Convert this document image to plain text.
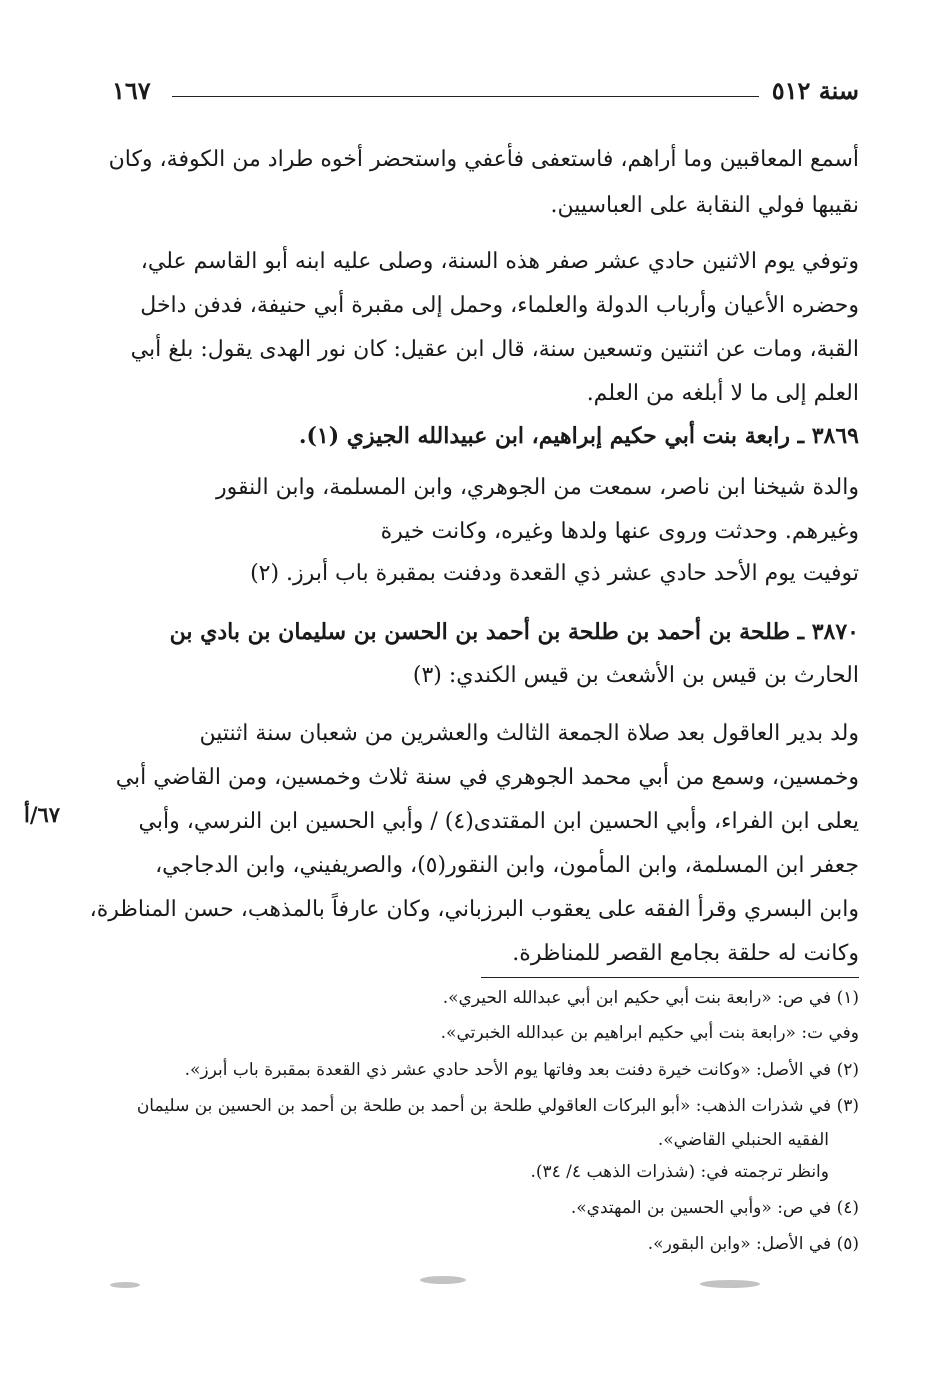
سنة ٥١٢
١٦٧
أسمع المعاقبين وما أراهم، فاستعفى فأعفي واستحضر أخوه طراد من الكوفة، وكان
نقيبها فولي النقابة على العباسيين.
وتوفي يوم الاثنين حادي عشر صفر هذه السنة، وصلى عليه ابنه أبو القاسم علي،
وحضره الأعيان وأرباب الدولة والعلماء، وحمل إلى مقبرة أبي حنيفة، فدفن داخل
القبة، ومات عن اثنتين وتسعين سنة، قال ابن عقيل: كان نور الهدى يقول: بلغ أبي
العلم إلى ما لا أبلغه من العلم.
٣٨٦٩ ـ رابعة بنت أبي حكيم إبراهيم، ابن عبيدالله الجيزي (١).
والدة شيخنا ابن ناصر، سمعت من الجوهري، وابن المسلمة، وابن النقور
وغيرهم. وحدثت وروى عنها ولدها وغيره، وكانت خيرة
توفيت يوم الأحد حادي عشر ذي القعدة ودفنت بمقبرة باب أبرز. (٢)
٣٨٧٠ ـ طلحة بن أحمد بن طلحة بن أحمد بن الحسن بن سليمان بن بادي بن
الحارث بن قيس بن الأشعث بن قيس الكندي: (٣)
ولد بدير العاقول بعد صلاة الجمعة الثالث والعشرين من شعبان سنة اثنتين
وخمسين، وسمع من أبي محمد الجوهري في سنة ثلاث وخمسين، ومن القاضي أبي
يعلى ابن الفراء، وأبي الحسين ابن المقتدى(٤) / وأبي الحسين ابن النرسي، وأبي
جعفر ابن المسلمة، وابن المأمون، وابن النقور(٥)، والصريفيني، وابن الدجاجي،
وابن البسري وقرأ الفقه على يعقوب البرزباني، وكان عارفاً بالمذهب، حسن المناظرة،
وكانت له حلقة بجامع القصر للمناظرة.
٦٧/أ
(١) في ص: «رابعة بنت أبي حكيم ابن أبي عبدالله الحيري».
وفي ت: «رابعة بنت أبي حكيم ابراهيم بن عبدالله الخبرتي».
(٢) في الأصل: «وكانت خيرة دفنت بعد وفاتها يوم الأحد حادي عشر ذي القعدة بمقبرة باب أبرز».
(٣) في شذرات الذهب: «أبو البركات العاقولي طلحة بن أحمد بن طلحة بن أحمد بن الحسين بن سليمان
الفقيه الحنبلي القاضي».
وانظر ترجمته في: (شذرات الذهب ٤/ ٣٤).
(٤) في ص: «وأبي الحسين بن المهتدي».
(٥) في الأصل: «وابن البقور».
